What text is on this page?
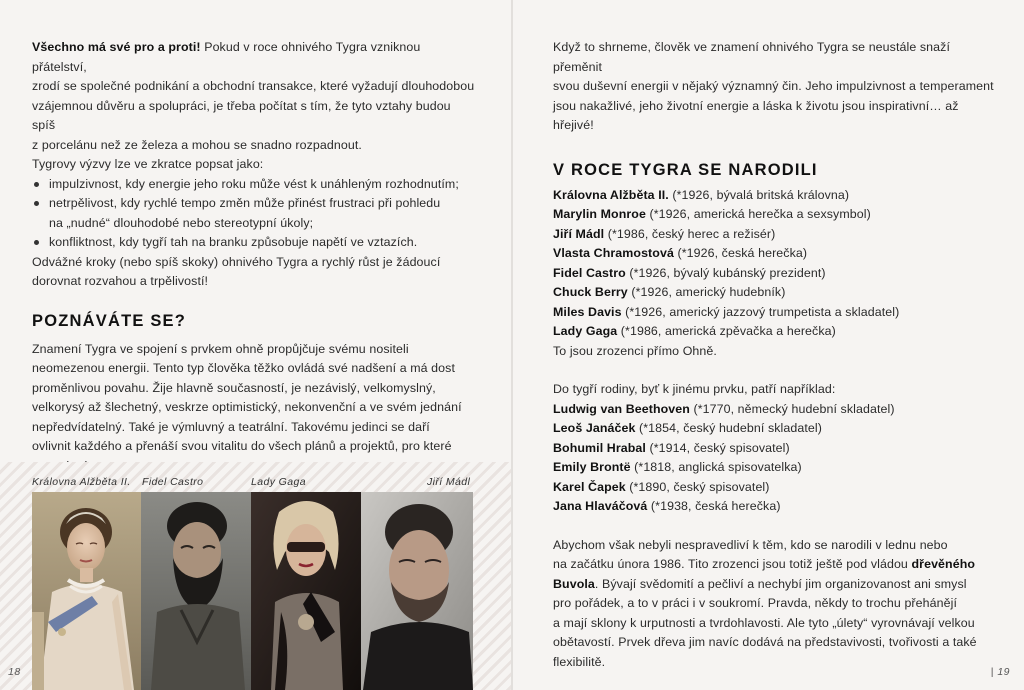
Všechno má své pro a proti! Pokud v roce ohnivého Tygra vzniknou přátelství,

zrodí se společné podnikání a obchodní transakce, které vyžadují dlouhodobou

vzájemnou důvěru a spolupráci, je třeba počítat s tím, že tyto vztahy budou spíš

z porcelánu než ze železa a mohou se snadno rozpadnout.

Tygrovy výzvy lze ve zkratce popsat jako:

impulzivnost, kdy energie jeho roku může vést k unáhleným rozhodnutím;
netrpělivost, kdy rychlé tempo změn může přinést frustraci při pohledu
na „nudné“ dlouhodobé nebo stereotypní úkoly;
konfliktnost, kdy tygří tah na branku způsobuje napětí ve vztazích.

Odvážné kroky (nebo spíš skoky) ohnivého Tygra a rychlý růst je žádoucí

dorovnat rozvahou a trpělivostí!

POZNÁVÁTE SE?

Znamení Tygra ve spojení s prvkem ohně propůjčuje svému nositeli

neomezenou energii. Tento typ člověka těžko ovládá své nadšení a má dost

proměnlivou povahu. Žije hlavně současností, je nezávislý, velkomyslný,

velkorysý až šlechetný, veskrze optimistický, nekonvenční a ve svém jednání

nepředvídatelný. Také je výmluvný a teatrální. Takovému jedinci se daří

ovlivnit každého a přenáší svou vitalitu do všech plánů a projektů, pro které

Královna Alžběta II. Fidel Castro	Lady Gaga	Jiří Mádl
18

Když to shrneme, člověk ve znamení ohnivého Tygra se neustále snaží přeměnit

svou duševní energii v nějaký významný čin. Jeho impulzivnost a temperament

jsou nakažlivé, jeho životní energie a láska k životu jsou inspirativní… až hřejivé!

V ROCE TYGRA SE NARODILI

Královna Alžběta II. (*1926, bývalá britská královna)

Marylin Monroe (*1926, americká herečka a sexsymbol)

Jiří Mádl (*1986, český herec a režisér)

Vlasta Chramostová (*1926, česká herečka)

Fidel Castro (*1926, bývalý kubánský prezident)

Chuck Berry (*1926, americký hudebník)

Miles Davis (*1926, americký jazzový trumpetista a skladatel)

Lady Gaga (*1986, americká zpěvačka a herečka)

To jsou zrozenci přímo Ohně.

Do tygří rodiny, byť k jinému prvku, patří například:

Ludwig van Beethoven (*1770, německý hudební skladatel)

Leoš Janáček (*1854, český hudební skladatel)

Bohumil Hrabal (*1914, český spisovatel)

Emily Brontë (*1818, anglická spisovatelka)

Karel Čapek (*1890, český spisovatel)

Jana Hlaváčová (*1938, česká herečka)

Abychom však nebyli nespravedliví k těm, kdo se narodili v lednu nebo

na začátku února 1986. Tito zrozenci jsou totiž ještě pod vládou dřevěného

Buvola. Bývají svědomití a pečliví a nechybí jim organizovanost ani smysl

pro pořádek, a to v práci i v soukromí. Pravda, někdy to trochu přehánějí

a mají sklony k urputnosti a tvrdohlavosti. Ale tyto „úlety“ vyrovnávají velkou

obětavostí. Prvek dřeva jim navíc dodává na představivosti, tvořivosti a také

flexibilitě.

| 19
